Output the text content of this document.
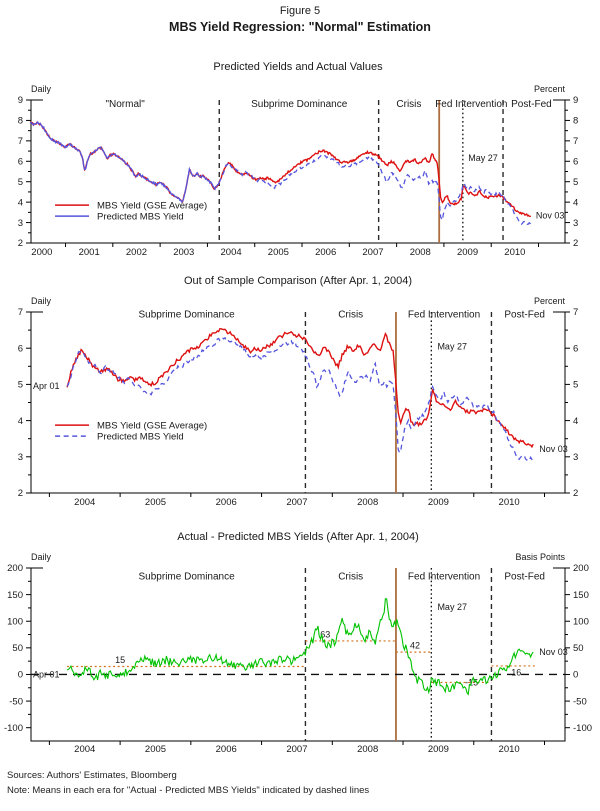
Figure 5
MBS Yield Regression: "Normal" Estimation
Predicted Yields and Actual Values
Daily	Percent
2	2
3	3
4	4
5	5
6	6
7	7
8	8
9	9
2000	2001	2002	2003	2004	2005	2006	2007	2008	2009	2010
"Normal"	Subprime Dominance	Crisis Fed Intervention Post-Fed
MBS Yield (GSE Average)
Predicted MBS Yield
May 27
Nov 03
Out of Sample Comparison (After Apr. 1, 2004)
Daily	Percent
2	2
3	3
4	4
5	5
6	6
7	7
2004	2005	2006	2007	2008	2009	2010
Subprime Dominance	Crisis	Fed Intervention Post-Fed
MBS Yield (GSE Average)
Predicted MBS Yield
Apr 01
May 27
Nov 03
Actual - Predicted MBS Yields (After Apr. 1, 2004)
Daily	Basis Points
-100	-100
-50	-50
0	0
50	50
100	100
150	150
200	200
2004	2005	2006	2007	2008	2009	2010
Subprime Dominance	Crisis	Fed Intervention Post-Fed
15
63
42
-15
16
Apr 01
May 27
Nov 03
Sources: Authors' Estimates, Bloomberg
Note: Means in each era for "Actual - Predicted MBS Yields" indicated by dashed lines
